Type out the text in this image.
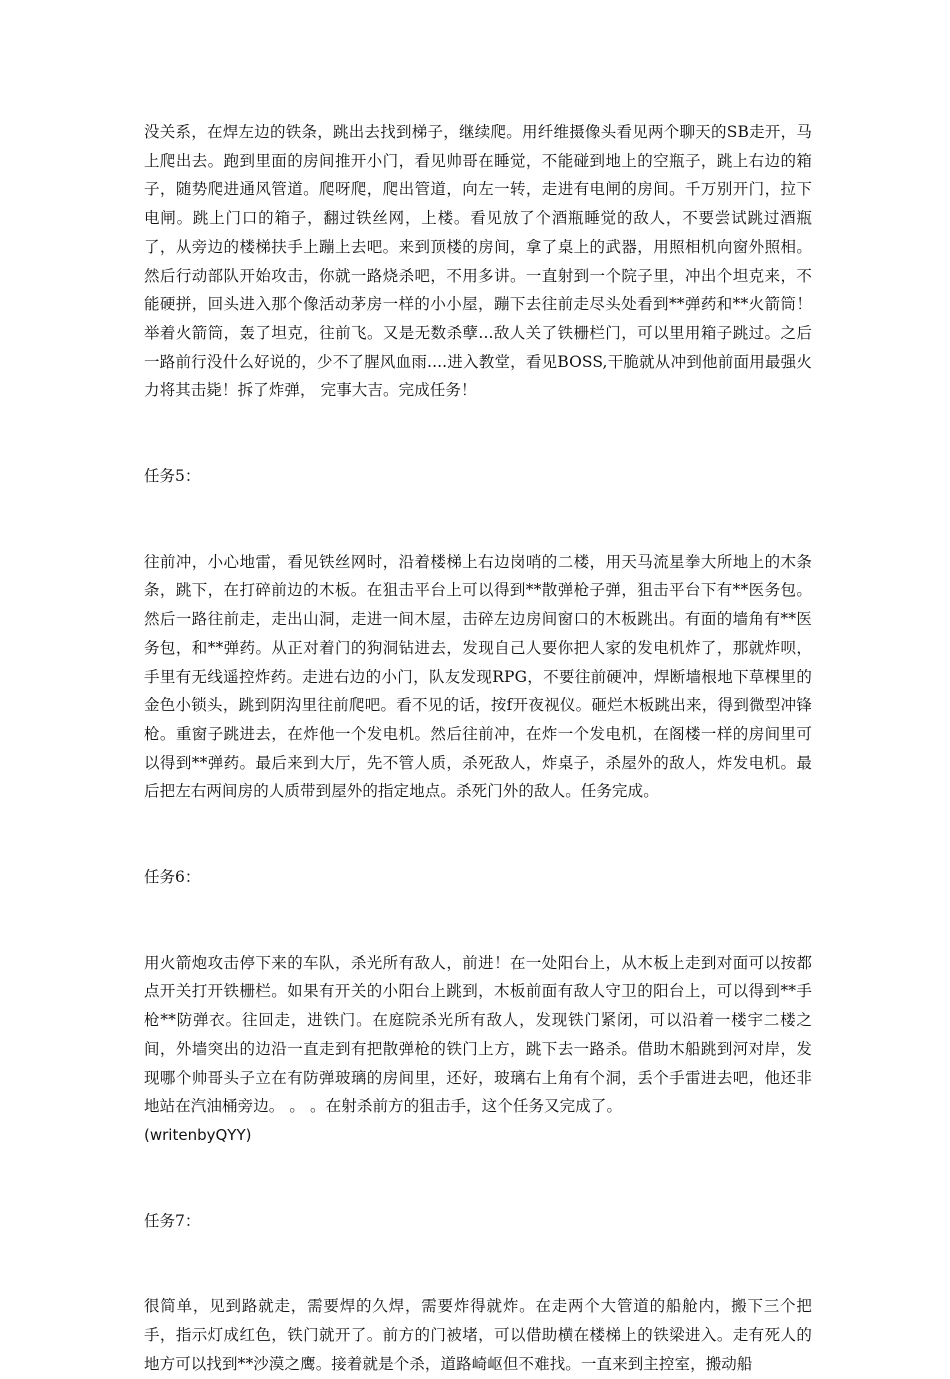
没关系，在焊左边的铁条，跳出去找到梯子，继续爬。用纤维摄像头看见两个聊天的SB走开，马上爬出去。跑到里面的房间推开小门，看见帅哥在睡觉，不能碰到地上的空瓶子，跳上右边的箱子，随势爬进通风管道。爬呀爬，爬出管道，向左一转，走进有电闸的房间。千万别开门，拉下电闸。跳上门口的箱子，翻过铁丝网，上楼。看见放了个酒瓶睡觉的敌人，不要尝试跳过酒瓶了，从旁边的楼梯扶手上蹦上去吧。来到顶楼的房间，拿了桌上的武器，用照相机向窗外照相。然后行动部队开始攻击，你就一路烧杀吧，不用多讲。一直射到一个院子里，冲出个坦克来，不能硬拼，回头进入那个像活动茅房一样的小小屋，蹦下去往前走尽头处看到**弹药和**火箭筒！举着火箭筒，轰了坦克，往前飞。又是无数杀孽...敌人关了铁栅栏门，可以里用箱子跳过。之后一路前行没什么好说的，少不了腥风血雨....进入教堂，看见BOSS,干脆就从冲到他前面用最强火力将其击毙！拆了炸弹， 完事大吉。完成任务！

任务5：

往前冲，小心地雷，看见铁丝网时，沿着楼梯上右边岗哨的二楼，用天马流星拳大所地上的木条条，跳下，在打碎前边的木板。在狙击平台上可以得到**散弹枪子弹，狙击平台下有**医务包。然后一路往前走，走出山洞，走进一间木屋，击碎左边房间窗口的木板跳出。有面的墙角有**医务包，和**弹药。从正对着门的狗洞钻进去，发现自己人要你把人家的发电机炸了，那就炸呗，手里有无线遥控炸药。走进右边的小门，队友发现RPG，不要往前硬冲，焊断墙根地下草棵里的金色小锁头，跳到阴沟里往前爬吧。看不见的话，按f开夜视仪。砸烂木板跳出来，得到微型冲锋枪。重窗子跳进去，在炸他一个发电机。然后往前冲，在炸一个发电机，在阁楼一样的房间里可以得到**弹药。最后来到大厅，先不管人质，杀死敌人，炸桌子，杀屋外的敌人，炸发电机。最后把左右两间房的人质带到屋外的指定地点。杀死门外的敌人。任务完成。

任务6：

用火箭炮攻击停下来的车队，杀光所有敌人，前进！在一处阳台上，从木板上走到对面可以按都点开关打开铁栅栏。如果有开关的小阳台上跳到，木板前面有敌人守卫的阳台上，可以得到**手枪**防弹衣。往回走，进铁门。在庭院杀光所有敌人，发现铁门紧闭，可以沿着一楼宇二楼之间，外墙突出的边沿一直走到有把散弹枪的铁门上方，跳下去一路杀。借助木船跳到河对岸，发现哪个帅哥头子立在有防弹玻璃的房间里，还好，玻璃右上角有个洞，丢个手雷进去吧，他还非地站在汽油桶旁边。 。 。在射杀前方的狙击手，这个任务又完成了。

(writenbyQYY)

任务7：

很简单，见到路就走，需要焊的久焊，需要炸得就炸。在走两个大管道的船舱内，搬下三个把手，指示灯成红色，铁门就开了。前方的门被堵，可以借助横在楼梯上的铁梁进入。走有死人的地方可以找到**沙漠之鹰。接着就是个杀，道路崎岖但不难找。一直来到主控室，搬动船
